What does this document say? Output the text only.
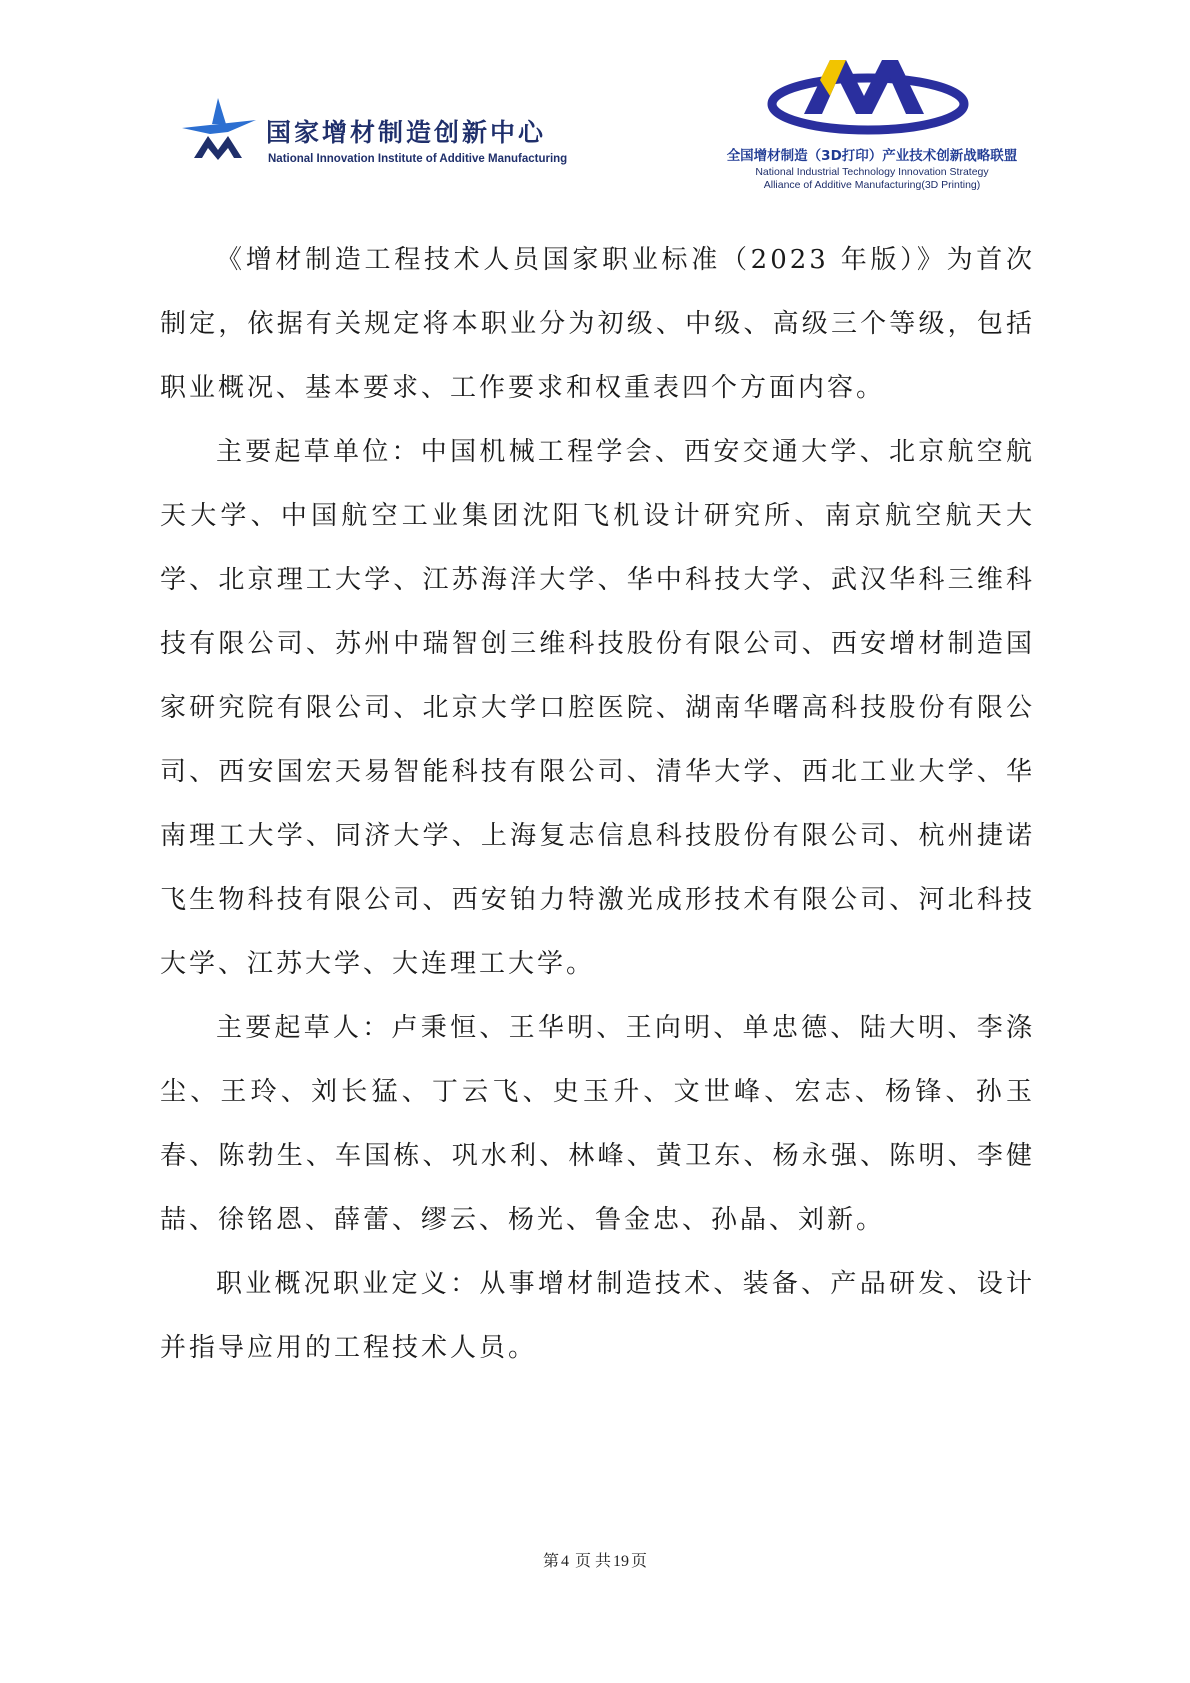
国家增材制造创新中心
National Innovation Institute of Additive Manufacturing	全国增材制造（3D打印）产业技术创新战略联盟
National Industrial Technology Innovation Strategy
Alliance of Additive Manufacturing(3D Printing)

《增材制造工程技术人员国家职业标准（2023 年版）》为首次制定，依据有关规定将本职业分为初级、中级、高级三个等级，包括职业概况、基本要求、工作要求和权重表四个方面内容。

主要起草单位：中国机械工程学会、西安交通大学、北京航空航天大学、中国航空工业集团沈阳飞机设计研究所、南京航空航天大学、北京理工大学、江苏海洋大学、华中科技大学、武汉华科三维科技有限公司、苏州中瑞智创三维科技股份有限公司、西安增材制造国家研究院有限公司、北京大学口腔医院、湖南华曙高科技股份有限公司、西安国宏天易智能科技有限公司、清华大学、西北工业大学、华南理工大学、同济大学、上海复志信息科技股份有限公司、杭州捷诺飞生物科技有限公司、西安铂力特激光成形技术有限公司、河北科技大学、江苏大学、大连理工大学。

主要起草人：卢秉恒、王华明、王向明、单忠德、陆大明、李涤尘、王玲、刘长猛、丁云飞、史玉升、文世峰、宏志、杨锋、孙玉春、陈勃生、车国栋、巩水利、林峰、黄卫东、杨永强、陈明、李健喆、徐铭恩、薛蕾、缪云、杨光、鲁金忠、孙晶、刘新。

职业概况职业定义：从事增材制造技术、装备、产品研发、设计并指导应用的工程技术人员。

第 4 页 共 19 页
